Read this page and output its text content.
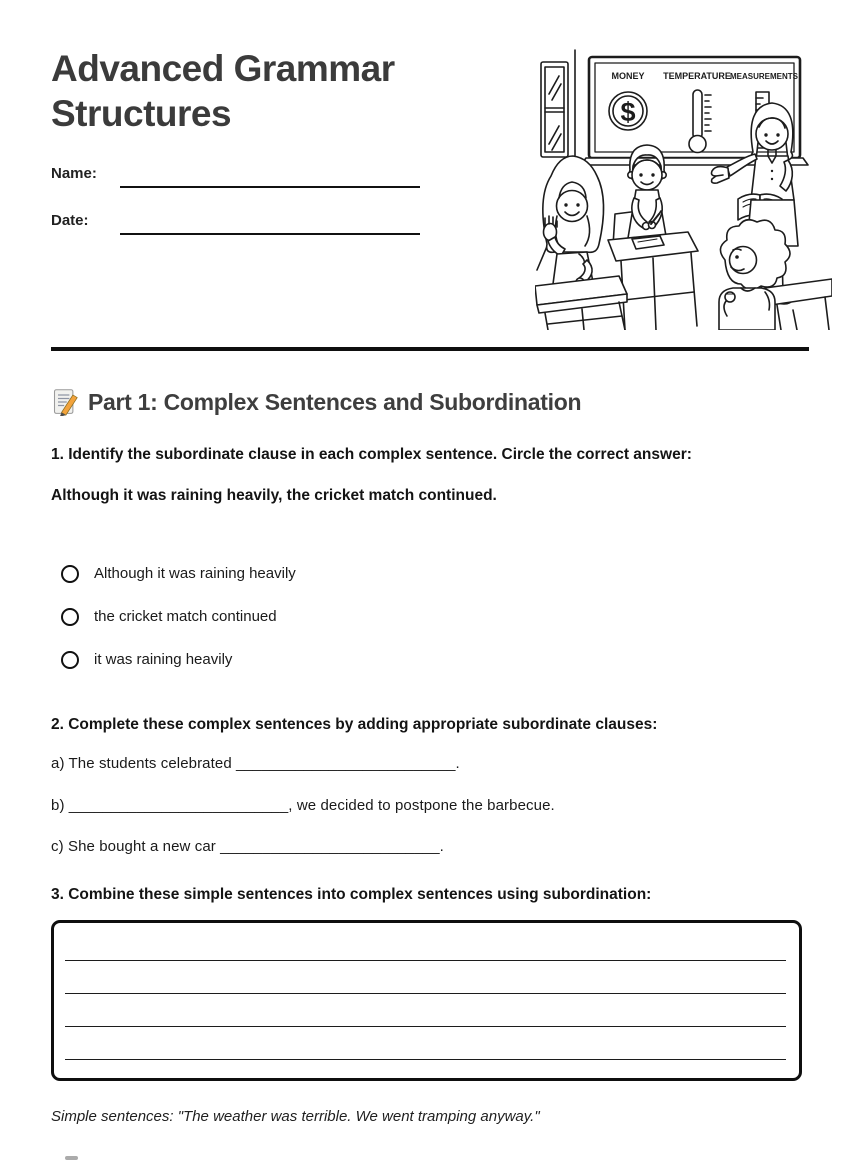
Advanced Grammar Structures
Name:
Date:
MONEY TEMPERATURE MEASUREMENTS
$
Part 1: Complex Sentences and Subordination

1. Identify the subordinate clause in each complex sentence. Circle the correct answer:

Although it was raining heavily, the cricket match continued.

Although it was raining heavily
the cricket match continued
it was raining heavily

2. Complete these complex sentences by adding appropriate subordinate clauses:

a) The students celebrated __________________________.

b) __________________________, we decided to postpone the barbecue.

c) She bought a new car __________________________.

3. Combine these simple sentences into complex sentences using subordination:

Simple sentences: "The weather was terrible. We went tramping anyway."
